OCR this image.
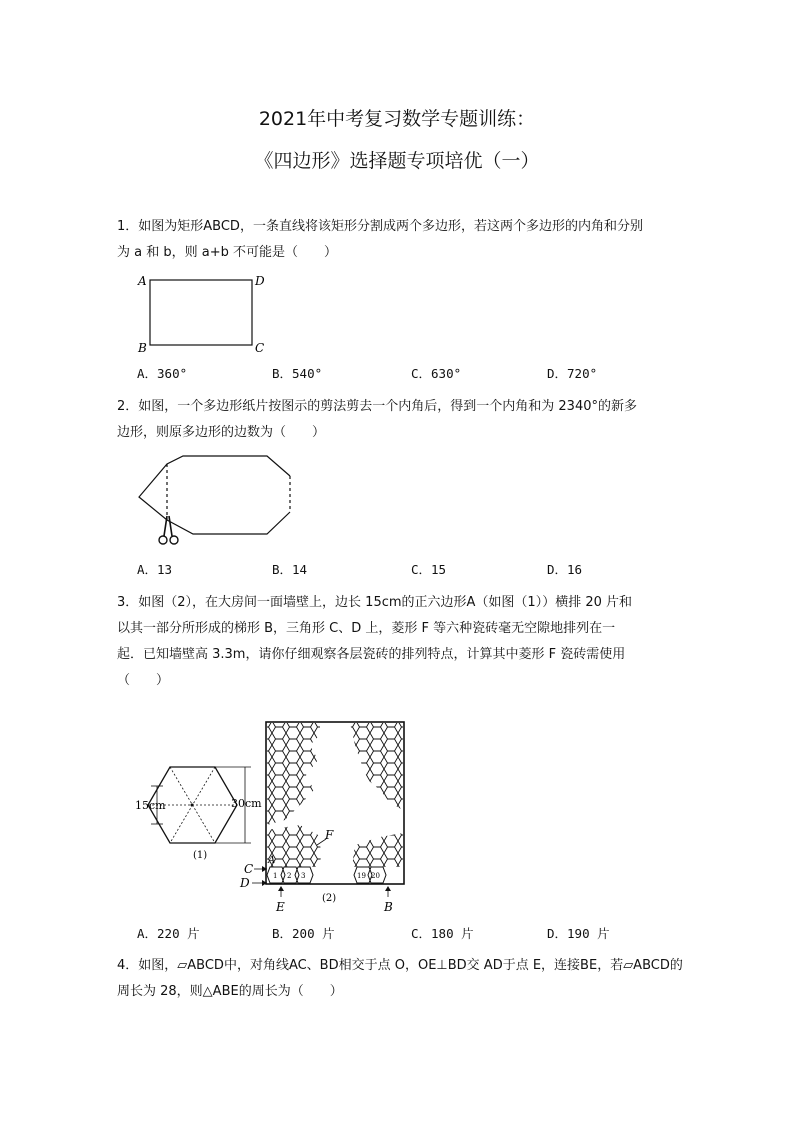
2021年中考复习数学专题训练：
《四边形》选择题专项培优（一）

1．如图为矩形ABCD，一条直线将该矩形分割成两个多边形，若这两个多边形的内角和分别
为 a 和 b，则 a+b 不可能是（　　）

A	D
B	C
A．360°	B．540°	C．630°	D．720°

2．如图，一个多边形纸片按图示的剪法剪去一个内角后，得到一个内角和为 2340°的新多
边形，则原多边形的边数为（　　）

A．13	B．14	C．15	D．16

3．如图（2），在大房间一面墙壁上，边长 15cm的正六边形A（如图（1））横排 20 片和
以其一部分所形成的梯形 B，三角形 C、D 上，菱形 F 等六种瓷砖毫无空隙地排列在一
起．已知墙壁高 3.3m，请你仔细观察各层瓷砖的排列特点，计算其中菱形 F 瓷砖需使用
（　　）

15cm	30cm
(1)
1 2 3	19 20
F
A
C
D
E	B
(2)
A．220 片	B．200 片	C．180 片	D．190 片

4．如图，▱ABCD中，对角线AC、BD相交于点 O，OE⊥BD交 AD于点 E，连接BE，若▱ABCD的
周长为 28，则△ABE的周长为（　　）
